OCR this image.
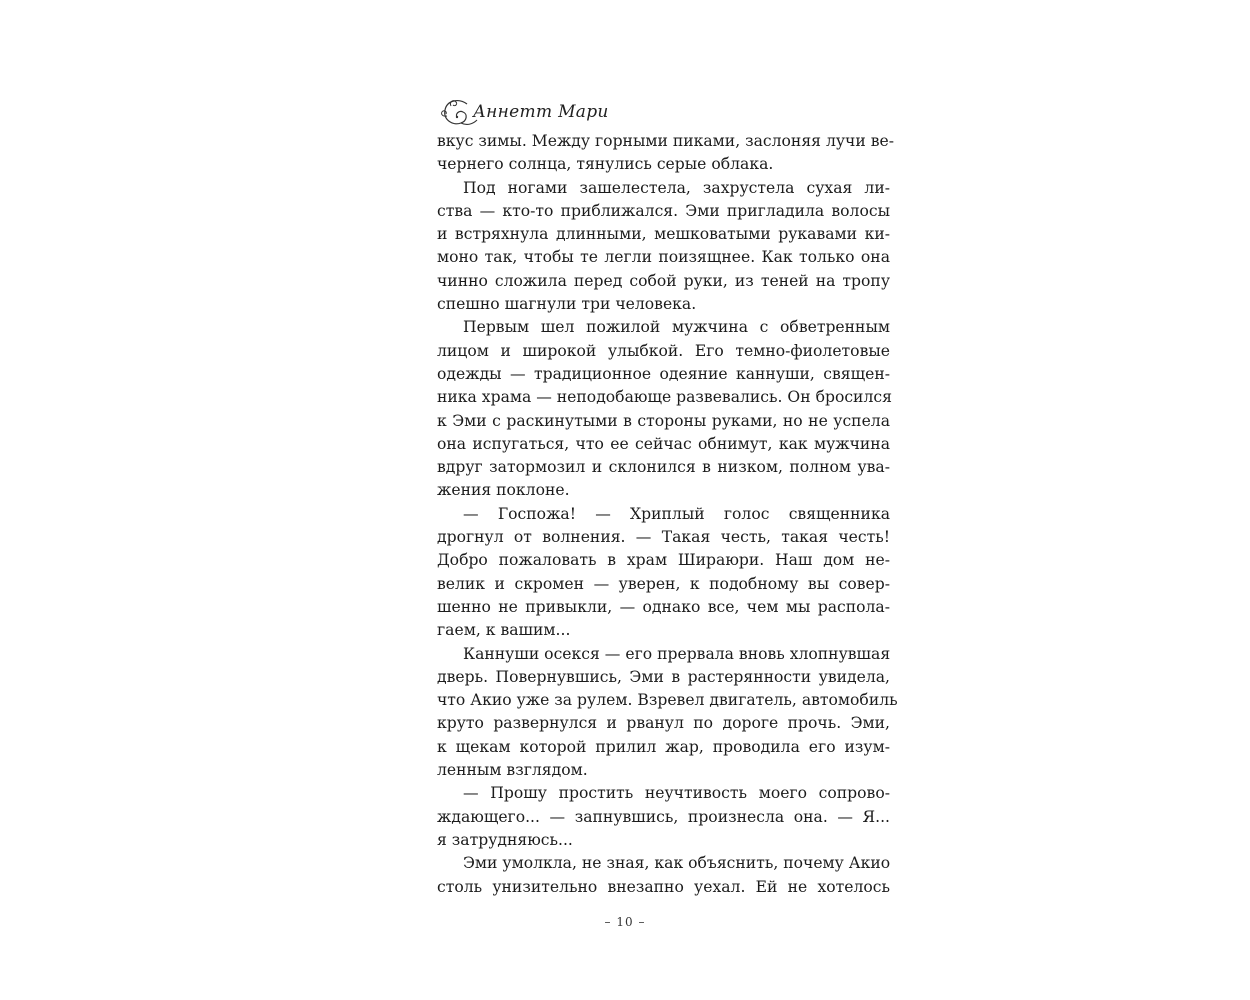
Аннетт Мари
вкус зимы. Между горными пиками, заслоняя лучи ве-
чернего солнца, тянулись серые облака.
Под ногами зашелестела, захрустела сухая ли-
ства — кто-то приближался. Эми пригладила волосы
и встряхнула длинными, мешковатыми рукавами ки-
моно так, чтобы те легли поизящнее. Как только она
чинно сложила перед собой руки, из теней на тропу
спешно шагнули три человека.
Первым шел пожилой мужчина с обветренным
лицом и широкой улыбкой. Его темно-фиолетовые
одежды — традиционное одеяние каннуши, священ-
ника храма — неподобающе развевались. Он бросился
к Эми с раскинутыми в стороны руками, но не успела
она испугаться, что ее сейчас обнимут, как мужчина
вдруг затормозил и склонился в низком, полном ува-
жения поклоне.
— Госпожа! — Хриплый голос священника
дрогнул от волнения. — Такая честь, такая честь!
Добро пожаловать в храм Шираюри. Наш дом не-
велик и скромен — уверен, к подобному вы совер-
шенно не привыкли, — однако все, чем мы распола-
гаем, к вашим...
Каннуши осекся — его прервала вновь хлопнувшая
дверь. Повернувшись, Эми в растерянности увидела,
что Акио уже за рулем. Взревел двигатель, автомобиль
круто развернулся и рванул по дороге прочь. Эми,
к щекам которой прилил жар, проводила его изум-
ленным взглядом.
— Прошу простить неучтивость моего сопрово-
ждающего... — запнувшись, произнесла она. — Я...
я затрудняюсь...
Эми умолкла, не зная, как объяснить, почему Акио
столь унизительно внезапно уехал. Ей не хотелось
– 10 –
